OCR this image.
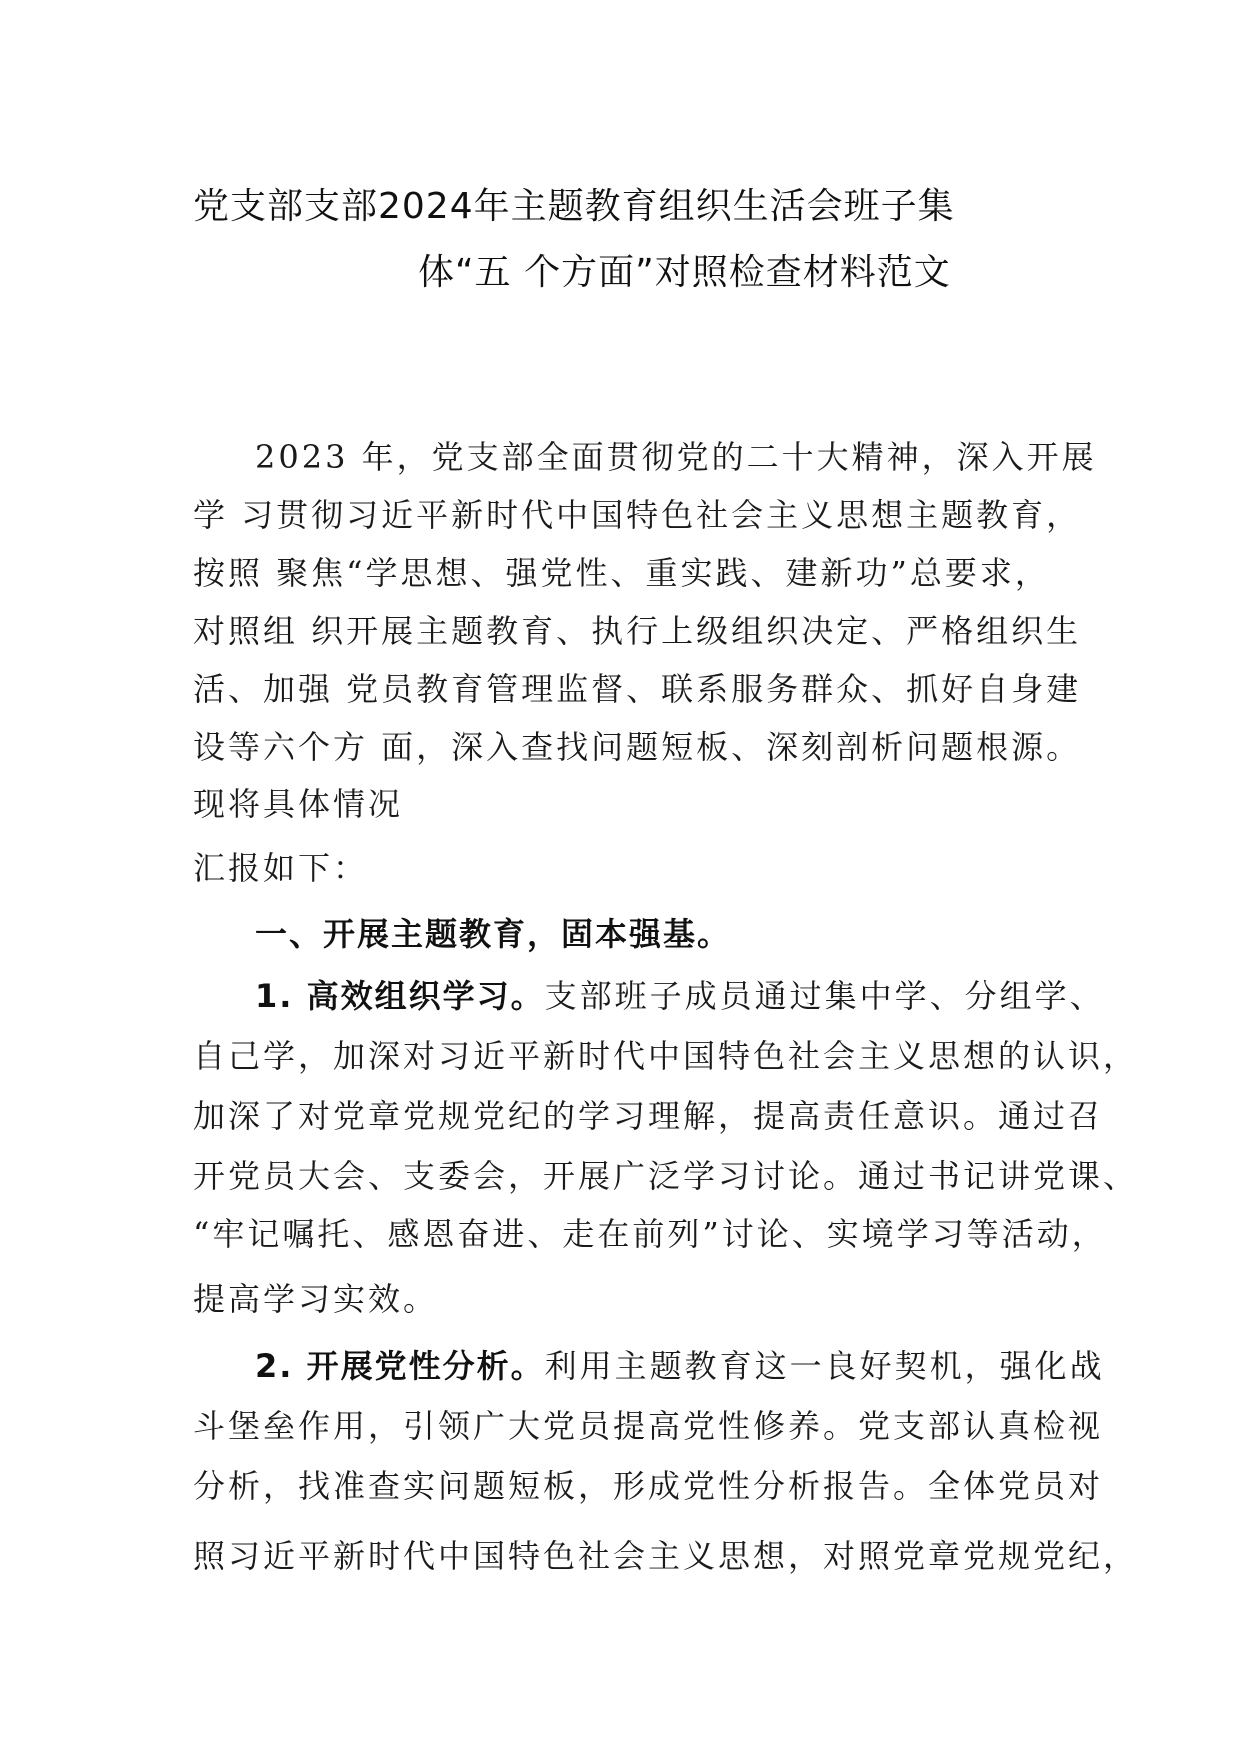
党支部支部2024年主题教育组织生活会班子集
体“五 个方面”对照检查材料范文
2023 年，党支部全面贯彻党的二十大精神，深入开展
学 习贯彻习近平新时代中国特色社会主义思想主题教育，
按照 聚焦“学思想、强党性、重实践、建新功”总要求，
对照组 织开展主题教育、执行上级组织决定、严格组织生
活、加强 党员教育管理监督、联系服务群众、抓好自身建
设等六个方 面，深入查找问题短板、深刻剖析问题根源。
现将具体情况
汇报如下：
一、开展主题教育，固本强基。
1. 高效组织学习。支部班子成员通过集中学、分组学、
自己学，加深对习近平新时代中国特色社会主义思想的认识，
加深了对党章党规党纪的学习理解，提高责任意识。通过召
开党员大会、支委会，开展广泛学习讨论。通过书记讲党课、
“牢记嘱托、感恩奋进、走在前列”讨论、实境学习等活动，
提高学习实效。
2. 开展党性分析。利用主题教育这一良好契机，强化战
斗堡垒作用，引领广大党员提高党性修养。党支部认真检视
分析，找准查实问题短板，形成党性分析报告。全体党员对
照习近平新时代中国特色社会主义思想，对照党章党规党纪，
